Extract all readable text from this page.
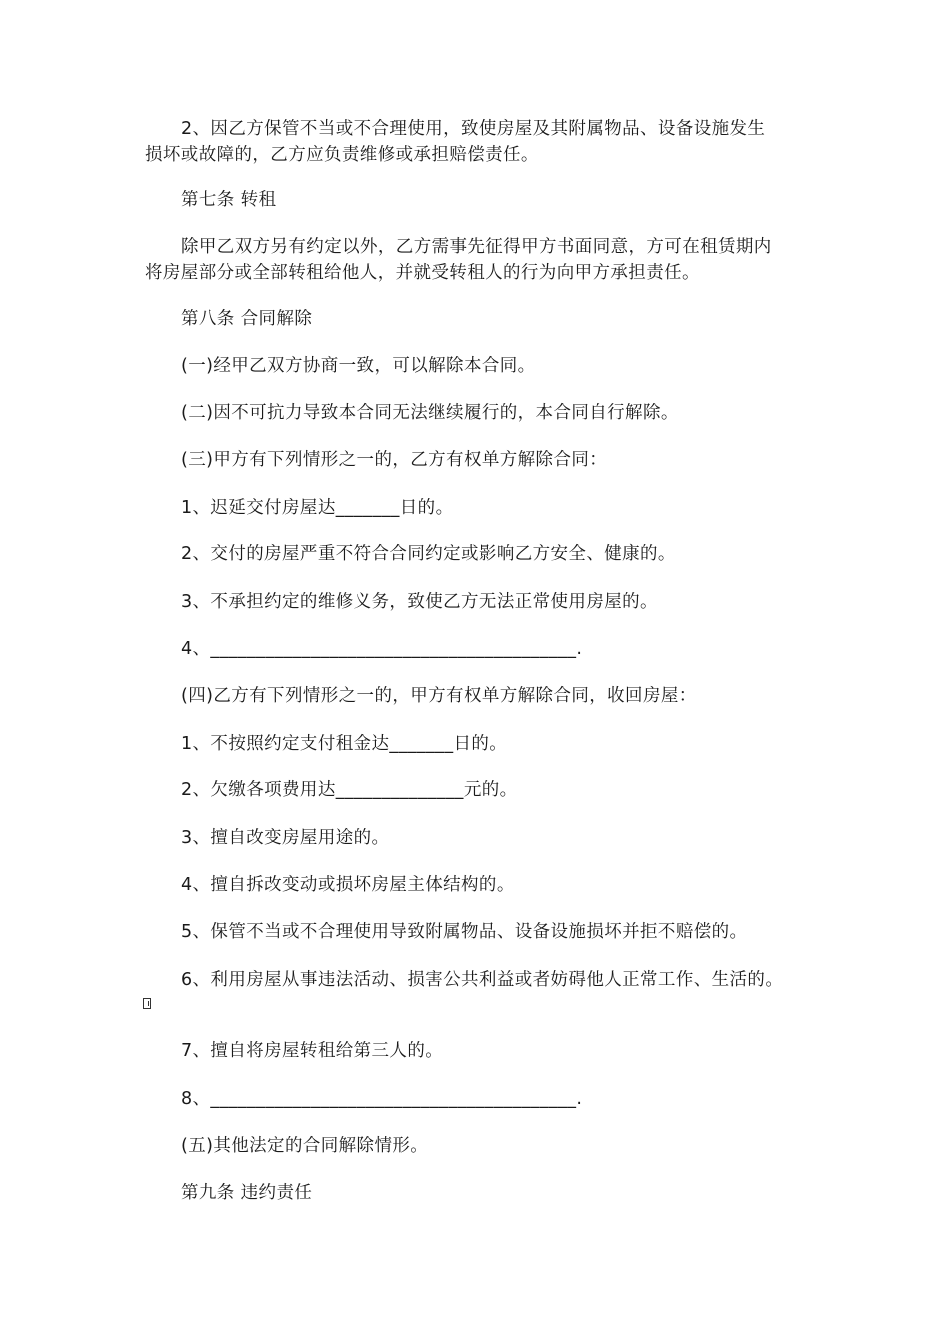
2、因乙方保管不当或不合理使用，致使房屋及其附属物品、设备设施发生
损坏或故障的，乙方应负责维修或承担赔偿责任。
第七条 转租
除甲乙双方另有约定以外，乙方需事先征得甲方书面同意，方可在租赁期内
将房屋部分或全部转租给他人，并就受转租人的行为向甲方承担责任。
第八条 合同解除
(一)经甲乙双方协商一致，可以解除本合同。
(二)因不可抗力导致本合同无法继续履行的，本合同自行解除。
(三)甲方有下列情形之一的，乙方有权单方解除合同：
1、迟延交付房屋达_______日的。
2、交付的房屋严重不符合合同约定或影响乙方安全、健康的。
3、不承担约定的维修义务，致使乙方无法正常使用房屋的。
4、________________________________________.
(四)乙方有下列情形之一的，甲方有权单方解除合同，收回房屋：
1、不按照约定支付租金达_______日的。
2、欠缴各项费用达______________元的。
3、擅自改变房屋用途的。
4、擅自拆改变动或损坏房屋主体结构的。
5、保管不当或不合理使用导致附属物品、设备设施损坏并拒不赔偿的。
6、利用房屋从事违法活动、损害公共利益或者妨碍他人正常工作、生活的。
7、擅自将房屋转租给第三人的。
8、________________________________________.
(五)其他法定的合同解除情形。
第九条 违约责任
